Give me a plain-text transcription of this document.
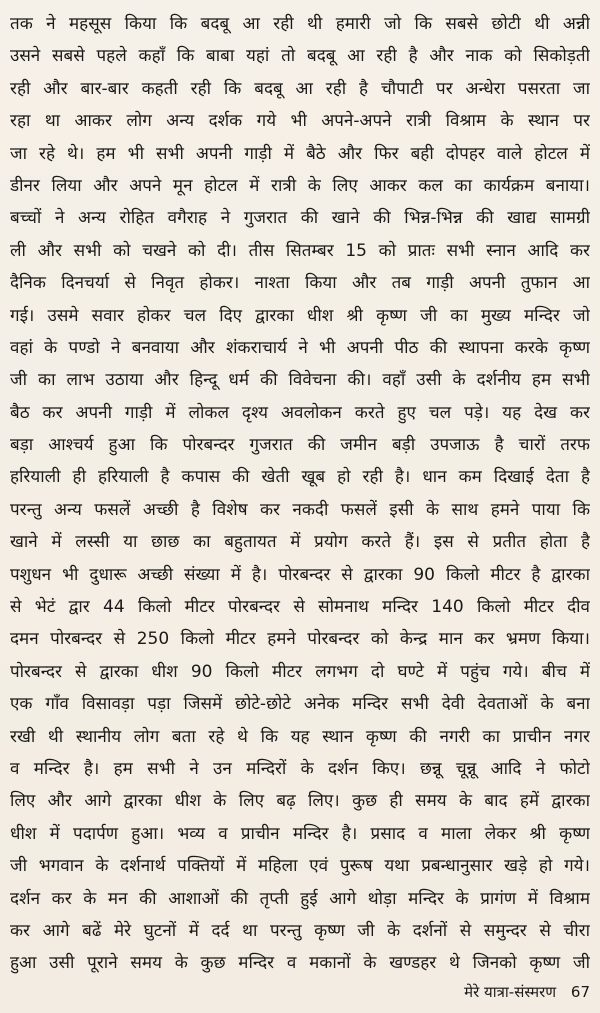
तक ने महसूस किया कि बदबू आ रही थी हमारी जो कि सबसे छोटी थी अन्नी
उसने सबसे पहले कहाँ कि बाबा यहां तो बदबू आ रही है और नाक को सिकोड़ती
रही और बार-बार कहती रही कि बदबू आ रही है चौपाटी पर अन्धेरा पसरता जा
रहा था आकर लोग अन्य दर्शक गये भी अपने-अपने रात्री विश्राम के स्थान पर
जा रहे थे। हम भी सभी अपनी गाड़ी में बैठे और फिर बही दोपहर वाले होटल में
डीनर लिया और अपने मून होटल में रात्री के लिए आकर कल का कार्यक्रम बनाया।
बच्चों ने अन्य रोहित वगैराह ने गुजरात की खाने की भिन्न-भिन्न की खाद्य सामग्री
ली और सभी को चखने को दी। तीस सितम्बर 15 को प्रातः सभी स्नान आदि कर
दैनिक दिनचर्या से निवृत होकर। नाश्ता किया और तब गाड़ी अपनी तुफान आ
गई। उसमे सवार होकर चल दिए द्वारका धीश श्री कृष्ण जी का मुख्य मन्दिर जो
वहां के पण्डो ने बनवाया और शंकराचार्य ने भी अपनी पीठ की स्थापना करके कृष्ण
जी का लाभ उठाया और हिन्दू धर्म की विवेचना की। वहाँ उसी के दर्शनीय हम सभी
बैठ कर अपनी गाड़ी में लोकल दृश्य अवलोकन करते हुए चल पड़े। यह देख कर
बड़ा आश्चर्य हुआ कि पोरबन्दर गुजरात की जमीन बड़ी उपजाऊ है चारों तरफ
हरियाली ही हरियाली है कपास की खेती खूब हो रही है। धान कम दिखाई देता है
परन्तु अन्य फसलें अच्छी है विशेष कर नकदी फसलें इसी के साथ हमने पाया कि
खाने में लस्सी या छाछ का बहुतायत में प्रयोग करते हैं। इस से प्रतीत होता है
पशुधन भी दुधारू अच्छी संख्या में है। पोरबन्दर से द्वारका 90 किलो मीटर है द्वारका
से भेटं द्वार 44 किलो मीटर पोरबन्दर से सोमनाथ मन्दिर 140 किलो मीटर दीव
दमन पोरबन्दर से 250 किलो मीटर हमने पोरबन्दर को केन्द्र मान कर भ्रमण किया।
पोरबन्दर से द्वारका धीश 90 किलो मीटर लगभग दो घण्टे में पहुंच गये। बीच में
एक गाँव विसावड़ा पड़ा जिसमें छोटे-छोटे अनेक मन्दिर सभी देवी देवताओं के बना
रखी थी स्थानीय लोग बता रहे थे कि यह स्थान कृष्ण की नगरी का प्राचीन नगर
व मन्दिर है। हम सभी ने उन मन्दिरों के दर्शन किए। छन्नू चून्नू आदि ने फोटो
लिए और आगे द्वारका धीश के लिए बढ़ लिए। कुछ ही समय के बाद हमें द्वारका
धीश में पदार्पण हुआ। भव्य व प्राचीन मन्दिर है। प्रसाद व माला लेकर श्री कृष्ण
जी भगवान के दर्शनार्थ पक्तियों में महिला एवं पुरूष यथा प्रबन्धानुसार खड़े हो गये।
दर्शन कर के मन की आशाओं की तृप्ती हुई आगे थोड़ा मन्दिर के प्रागंण में विश्राम
कर आगे बढें मेरे घुटनों में दर्द था परन्तु कृष्ण जी के दर्शनों से समुन्दर से चीरा
हुआ उसी पूराने समय के कुछ मन्दिर व मकानों के खण्डहर थे जिनको कृष्ण जी
मेरे यात्रा-संस्मरण 67
